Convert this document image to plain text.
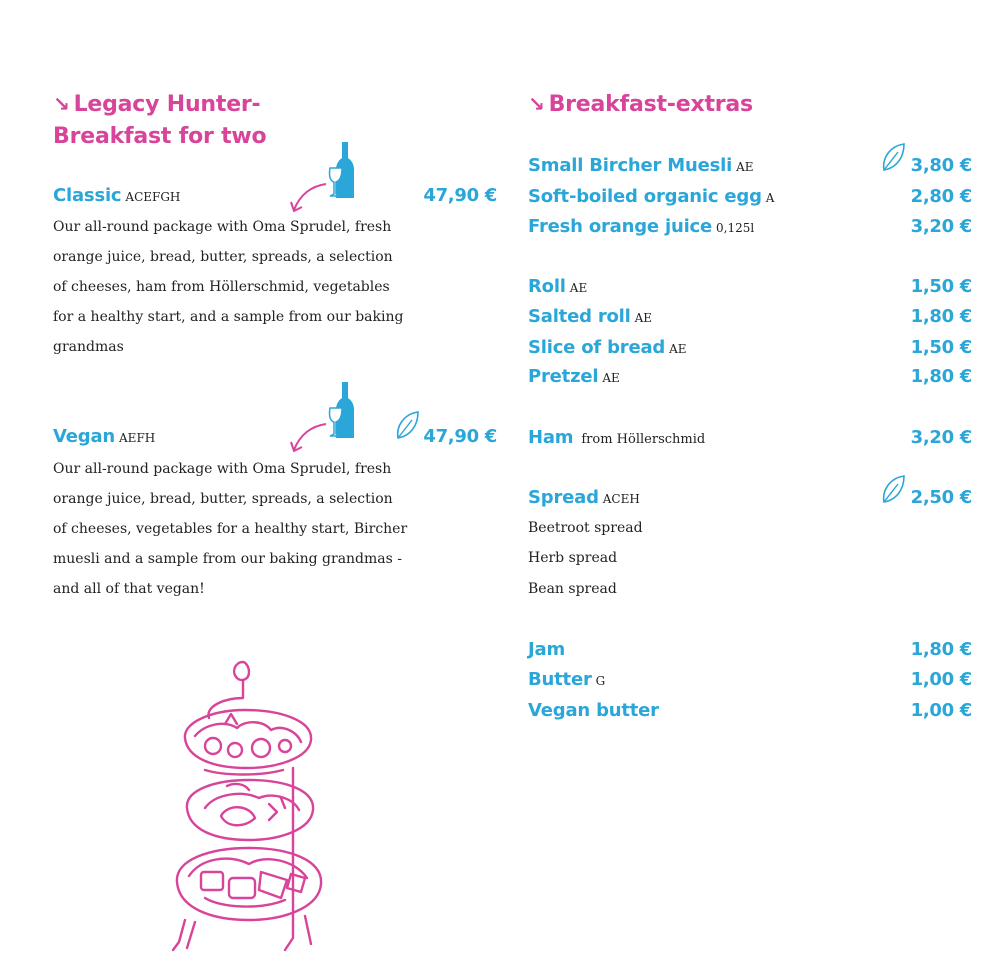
↘ Legacy Hunter-
Breakfast for two
Classic ACEFGH	47,90 €
Our all-round package with Oma Sprudel, fresh
orange juice, bread, butter, spreads, a selection
of cheeses, ham from Höllerschmid, vegetables
for a healthy start, and a sample from our baking
grandmas
Vegan AEFH	47,90 €
Our all-round package with Oma Sprudel, fresh
orange juice, bread, butter, spreads, a selection
of cheeses, vegetables for a healthy start, Bircher
muesli and a sample from our baking grandmas -
and all of that vegan!
↘ Breakfast-extras
Small Bircher Muesli AE	3,80 €
Soft-boiled organic egg A	2,80 €
Fresh orange juice 0,125l	3,20 €
Roll AE	1,50 €
Salted roll AE	1,80 €
Slice of bread AE	1,50 €
Pretzel AE	1,80 €
Ham from Höllerschmid	3,20 €
Spread ACEH	2,50 €
Beetroot spread
Herb spread
Bean spread
Jam	1,80 €
Butter G	1,00 €
Vegan butter	1,00 €
